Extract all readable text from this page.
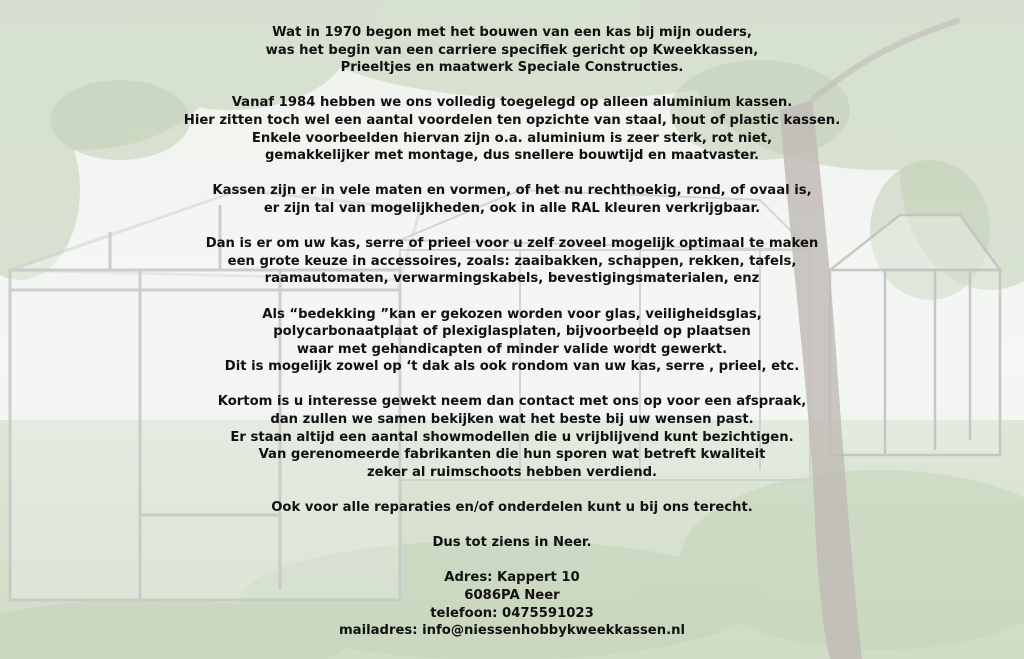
Wat in 1970 begon met het bouwen van een kas bij mijn ouders,
was het begin van een carriere specifiek gericht op Kweekkassen,
Prieeltjes en maatwerk Speciale Constructies.
Vanaf 1984 hebben we ons volledig toegelegd op alleen aluminium kassen.
Hier zitten toch wel een aantal voordelen ten opzichte van staal, hout of plastic kassen.
Enkele voorbeelden hiervan zijn o.a. aluminium is zeer sterk, rot niet,
gemakkelijker met montage, dus snellere bouwtijd en maatvaster.
Kassen zijn er in vele maten en vormen, of het nu rechthoekig, rond, of ovaal is,
er zijn tal van mogelijkheden, ook in alle RAL kleuren verkrijgbaar.
Dan is er om uw kas, serre of prieel voor u zelf zoveel mogelijk optimaal te maken
een grote keuze in accessoires, zoals: zaaibakken, schappen, rekken, tafels,
raamautomaten, verwarmingskabels, bevestigingsmaterialen, enz
Als “bedekking ”kan er gekozen worden voor glas, veiligheidsglas,
polycarbonaatplaat of plexiglasplaten, bijvoorbeeld op plaatsen
waar met gehandicapten of minder valide wordt gewerkt.
Dit is mogelijk zowel op ‘t dak als ook rondom van uw kas, serre , prieel, etc.
Kortom is u interesse gewekt neem dan contact met ons op voor een afspraak,
dan zullen we samen bekijken wat het beste bij uw wensen past.
Er staan altijd een aantal showmodellen die u vrijblijvend kunt bezichtigen.
Van gerenomeerde fabrikanten die hun sporen wat betreft kwaliteit
zeker al ruimschoots hebben verdiend.
Ook voor alle reparaties en/of onderdelen kunt u bij ons terecht.
Dus tot ziens in Neer.
Adres: Kappert 10
6086PA Neer
telefoon: 0475591023
mailadres: info@niessenhobbykweekkassen.nl
